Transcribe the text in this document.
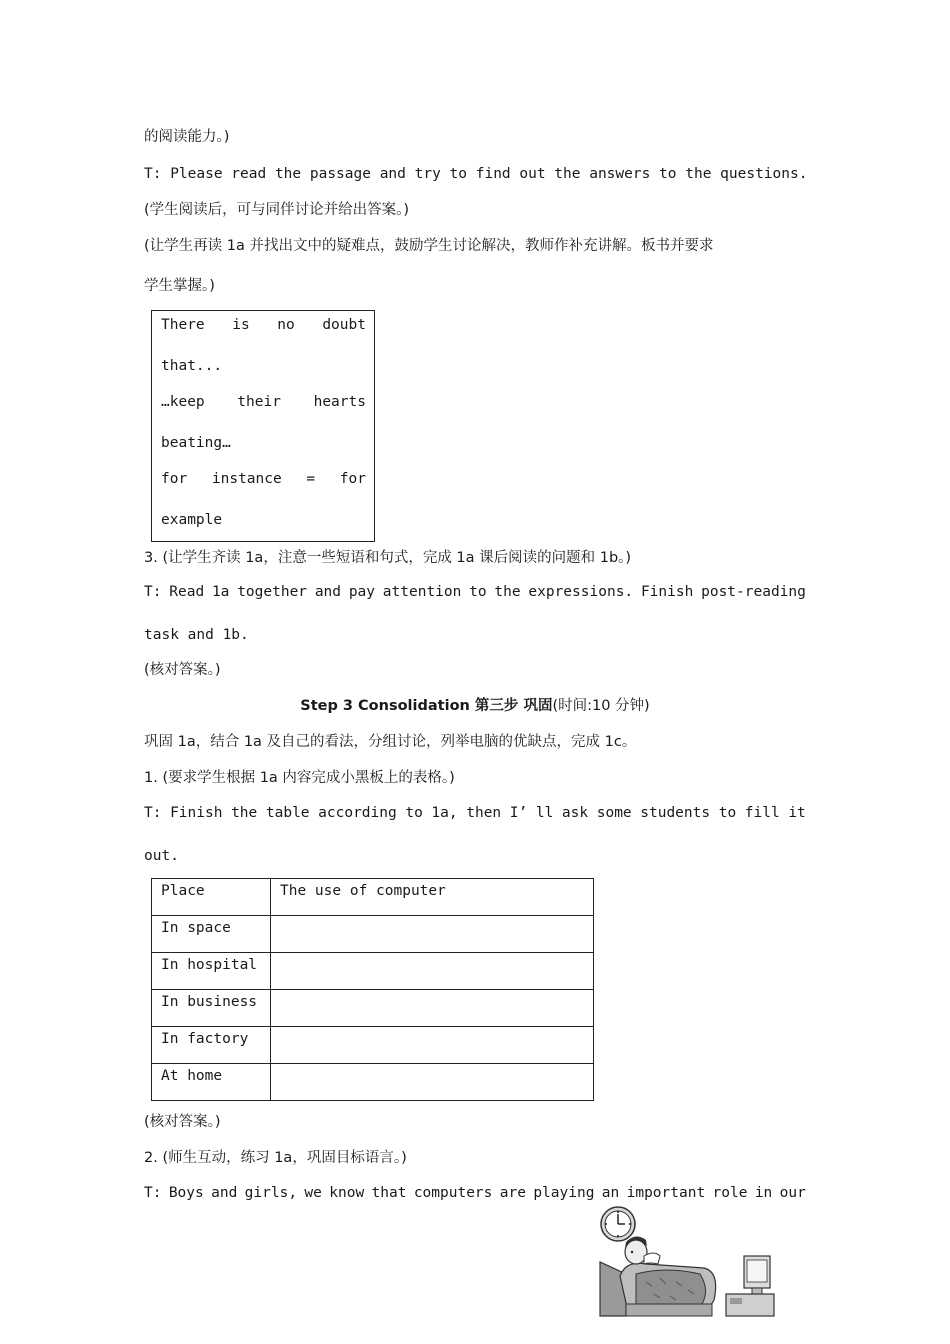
的阅读能力。)
T: Please read the passage and try to find out the answers to the questions.
(学生阅读后，可与同伴讨论并给出答案。)
(让学生再读 1a 并找出文中的疑难点，鼓励学生讨论解决，教师作补充讲解。板书并要求
学生掌握。)
There is no doubt
that...
…keep their hearts
beating…
for instance = for
example
3. (让学生齐读 1a，注意一些短语和句式，完成 1a 课后阅读的问题和 1b。)
T: Read 1a together and pay attention to the expressions. Finish post-reading
task and 1b.
(核对答案。)
Step 3 Consolidation 第三步 巩固(时间:10 分钟)
巩固 1a，结合 1a 及自己的看法，分组讨论，列举电脑的优缺点，完成 1c。
1. (要求学生根据 1a 内容完成小黑板上的表格。)
T: Finish the table according to 1a, then I’ ll ask some students to fill it
out.
Place	The use of computer
In space	
In hospital	
In business	
In factory	
At home	
(核对答案。)
2. (师生互动，练习 1a，巩固目标语言。)
T: Boys and girls, we know that computers are playing an important role in our
